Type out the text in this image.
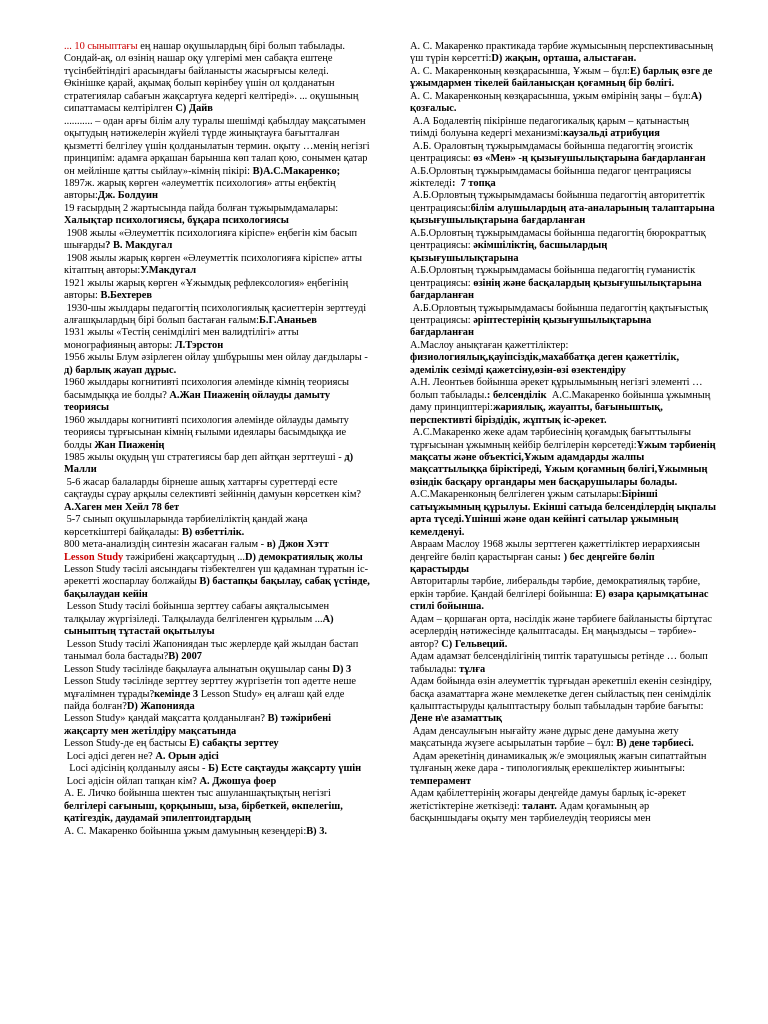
... 10 сыныптағы ең нашар оқушылардың бірі болып табылады. Сондай-ақ, ол өзінің нашар оқу үлгерімі мен сабақта ештеңе түсінбейтіндігі арасындағы байланысты жасырғысы келеді. Өкінішке қарай, ақымақ болып көрінбеу үшін ол қолданатын стратегиялар сабағын жақсартуға кедергі келтіреді». ... оқушының сипаттамасы келтірілген С) Дайв
........... – одан арғы білім алу туралы шешімді қабылдау мақсатымен оқытудың нәтижелерін жүйелі түрде жинықтауға бағытталған қызметті белгілеу үшін қолданылатын термин. оқыту …менің негізгі принципім: адамға әрқашан барынша көп талап қою, сонымен қатар он мейлінше қатты сыйлау»-кімнің пікірі: В)А.С.Макаренко;
1897ж. жарық көрген «әлеуметтік психология» атты еңбектің авторы:Дж. Болдуин
19 ғасырдың 2 жартысында пайда болған тұжырымдамалары: Халықтар психологиясы, бұқара психологиясы
1908 жылы «Әлеуметтік психологияға кіріспе» еңбегін кім басып шығарды? В. Макдугал
1908 жылы жарық көрген «Әлеуметтік психологияға кіріспе» атты кітаптың авторы:У.Макдугал
1921 жылы жарық көрген «Ұжымдық рефлексология» еңбегінің авторы: В.Бехтерев
1930-шы жылдары педагогтің психологиялық қасиеттерін зерттеуді алғашқылардың бірі болып бастаған ғалым:Б.Г.Ананьев
1931 жылы «Тестің сенімділігі мен валидтілігі» атты монографияның авторы: Л.Тэрстон
1956 жылы Блум әзірлеген ойлау ұшбұрышы мен ойлау дағдылары - д) барлық жауап дұрыс.
1960 жылдары когнитивті психология әлемінде кімнің теориясы басымдыққа ие болды? А.Жан Пиаженің ойлауды дамыту теориясы
1960 жылдары когнитивті психология әлемінде ойлауды дамыту теориясы тұрғысынан кімнің ғылыми идеялары басымдыққа ие болды Жан Пиаженің
1985 жылы оқудың үш стратегиясы бар деп айтқан зерттеуші - д) Малли
5-6 жасар балаларды бірнеше ашық хаттарғы суреттерді есте сақтауды сұрау арқылы селективті зейіннің дамуын көрсеткен кім? А.Хаген мен Хейл 78 бет
5-7 сынып оқушыларында тәрбиеліліктің қандай жаңа көрсеткіштері байқалады: В) өзбеттілік.
800 мета-анализдің синтезін жасаған ғалым - в) Джон Хэтт
Lesson Study тәжірибені жақсартудың ...D) демократиялық жолы
Lesson Study тәсілі аясындағы тізбектелген үш қадамнан тұратын іс-әрекетті жоспарлау болжайды В) бастапқы бақылау, сабақ үстінде, бақылаудан кейін
Lesson Study тәсілі бойынша зерттеу сабағы аяқталысымен талқылау жүргізіледі. Талқылауда белгіленген құрылым ...А) сыныптың тұтастай оқытылуы
Lesson Study тәсілі Жапониядан тыс жерлерде қай жылдан бастап танымал бола бастады?В) 2007
Lesson Study тәсілінде бақылауға алынатын оқушылар саны D) 3
Lesson Study тәсілінде зерттеу зерттеу жүргізетін топ әдетте неше мұғалімнен тұрады?кемінде 3 Lesson Study» ең алғаш қай елде пайда болған?D) Жапонияда
Lesson Study» қандай мақсатта қолданылған? В) тәжірибені жақсарту мен жетілдіру мақсатында
Lesson Study-де ең бастысы Е) сабақты зерттеу
Loci әдісі деген не? А. Орын әдісі
Loci әдісінің қолданылу аясы - Б) Есте сақтауды жақсарту үшін
Loci әдісін ойлап тапқан кім? А. Джошуа фоер
А. Е. Личко бойынша шектен тыс ашуланшақтықтың негізгі белгілері сағыныш, қорқыныш, ыза, бірбеткей, өкпелегіш, қатігездік, даудамай эпилептоидтардың
А. С. Макаренко бойынша ұжым дамуының кезеңдері:В) 3.
А. С. Макаренко практикада тәрбие жұмысының перспективасының үш түрін көрсетті:D) жақын, орташа, алыстаған.
А. С. Макаренконың көзқарасынша, Ұжым – бұл:Е) барлық өзге де ұжымдармен тікелей байланысқан қоғамның бір бөлігі.
А. С. Макаренконың көзқарасынша, ұжым өмірінің заңы – бұл:А) қозғалыс.
А.А Бодалевтің пікірінше педагогикалық қарым – қатынастың тиімді болуына кедергі механизмі:каузальді атрибуция
А.Б. Ораловтың тұжырымдамасы бойынша педагогтің эгоистік центрациясы: өз «Мен» -ң қызығушылықтарына бағдарланған
А.Б.Орловтың тұжырымдамасы бойынша педагог центрациясы жіктеледі:  7 топқа
А.Б.Орловтың тұжырымдамасы бойынша педагогтің авторитеттік центрациясы:білім алушылардың ата-аналарының талаптарына қызығушылықтарына бағдарланған
А.Б.Орловтың тұжырымдамасы бойынша педагогтің бюрократтық центрациясы: әкімшіліктің, басшылардың қызығушылықтарына
А.Б.Орловтың тұжырымдамасы бойынша педагогтің гуманистік центрациясы: өзінің және басқалардың қызығушылықтарына бағдарланған
А.Б.Орловтың тұжырымдамасы бойынша педагогтің қақтығыстық центрациясы: әріптестерінің қызығушылықтарына бағдарланған
А.Маслоу анықтаған қажеттіліктер: физиологиялық,қауіпсіздік,махаббатқа деген қажеттілік, әдемілік сезімді қажетсіну,өзін-өзі өзектендіру
А.Н. Леонтьев бойынша әрекет құрылымының негізгі элементі … болып табылады.: белсенділік  А.С.Макаренко бойынша ұжымның даму принциптері:жариялық, жауапты, бағыныштық, перспективті біріздідік, жұптық іс-әрекет.
А.С.Макаренко жеке адам тәрбиесінің қоғамдық бағыттылығы тұрғысынан ұжымның кейбір белгілерін көрсетеді:Ұжым тәрбиенің мақсаты және объектісі,Ұжым адамдарды жалпы мақсаттылыққа біріктіреді, Ұжым қоғамның бөлігі,Ұжымның өзіндік басқару органдары мен басқарушылары болады.
А.С.Макаренконың белгілеген ұжым сатылары:Бірінші сатыұжымның құрылуы. Екінші сатыда белсенділердің ықпалы арта түседі.Үшінші және одан кейінгі сатылар ұжымның кемелденуі.
Авраам Маслоу 1968 жылы зерттеген қажеттіліктер иерархиясын деңгейге бөліп қарастырған саны: ) бес деңгейге бөліп қарастырды
Авторитарлы тәрбие, либеральды тәрбие, демократиялық тәрбие, еркін тәрбие. Қандай белгілері бойынша: Е) өзара қарымқатынас стилі бойынша.
Адам – қоршаған орта, нәсілдік және тәрбиеге байланысты біртұтас әсерлердің нәтижесінде қалыптасады. Ең маңыздысы – тәрбие»- автор? С) Гельвеций.
Адам адамзат белсенділігінің типтік таратушысы ретінде … болып табылады: тұлға
Адам бойында өзін әлеуметтік тұрғыдан әрекетшіл екенін сезіндіру, басқа азаматтарға және мемлекетке деген сыйластық пен сенімділік қалыптастыруды қалыптастыру болып табыладын тәрбие бағыты: Дене н\е азаматтық
Адам денсаулығын нығайту және дұрыс дене дамуына жету мақсатында жүзеге асырылатын тәрбие – бұл: В) дене тәрбиесі.
Адам әрекетінің динамикалық ж/е эмоциялық жағын сипаттайтын тұлғаның жеке дара - типологиялық ерекшеліктер жиынтығы: темперамент
Адам қабілеттерінің жоғары деңгейде дамуы барлық іс-әрекет жетістіктеріне жеткізеді: талант. Адам қоғамының әр басқыншыдағы оқыту мен тәрбиелеудің теориясы мен
